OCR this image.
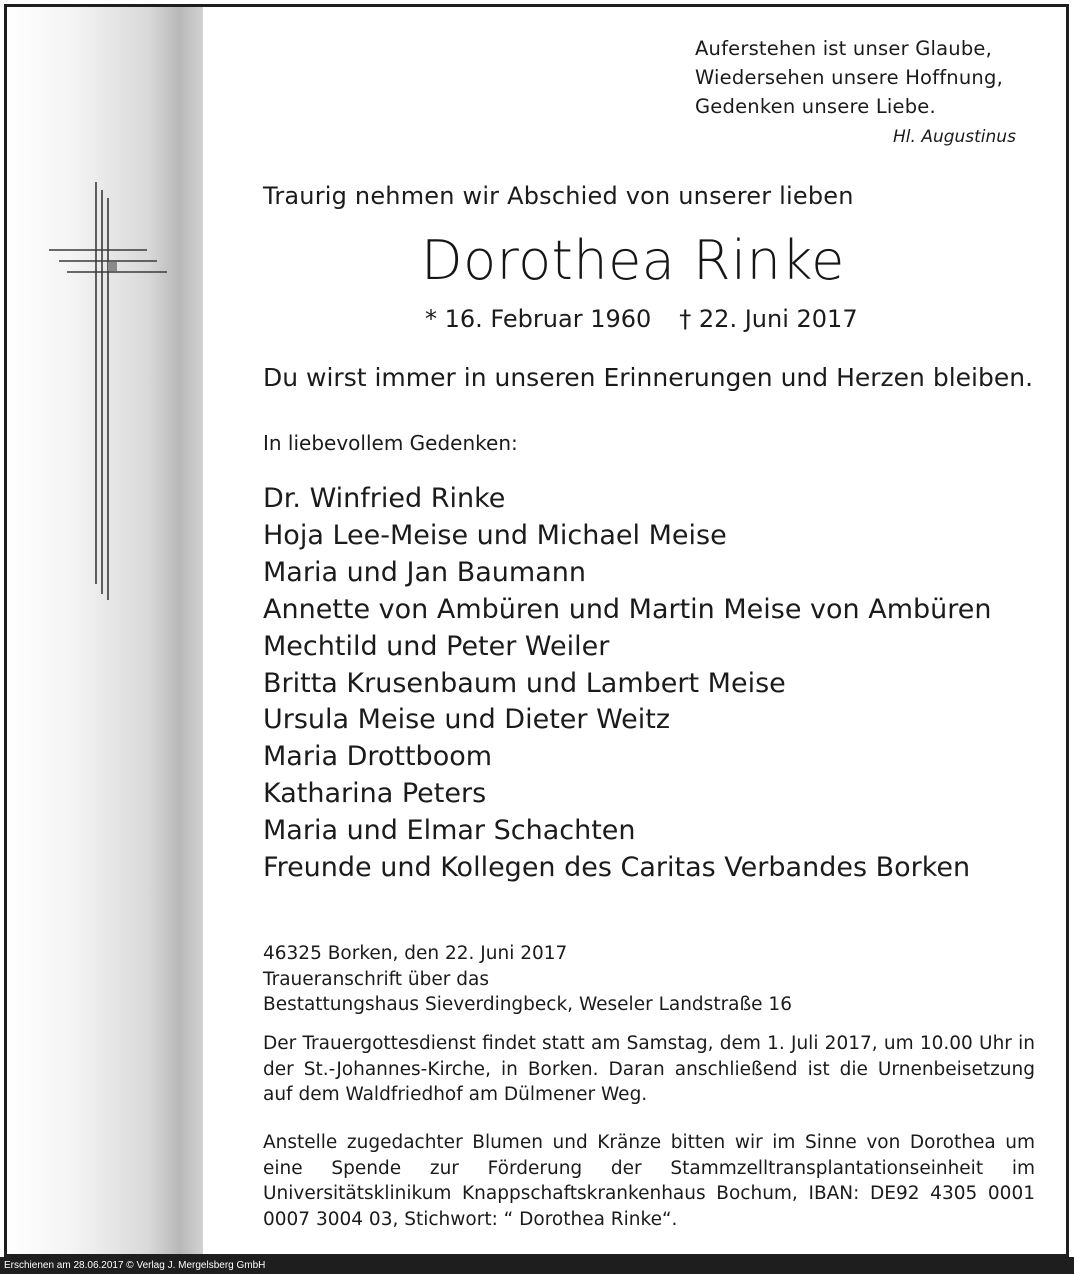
Auferstehen ist unser Glaube,
Wiedersehen unsere Hoffnung,
Gedenken unsere Liebe.
Hl. Augustinus
Traurig nehmen wir Abschied von unserer lieben
Dorothea Rinke
* 16. Februar 1960 † 22. Juni 2017
Du wirst immer in unseren Erinnerungen und Herzen bleiben.
In liebevollem Gedenken:
Dr. Winfried Rinke
Hoja Lee-Meise und Michael Meise
Maria und Jan Baumann
Annette von Ambüren und Martin Meise von Ambüren
Mechtild und Peter Weiler
Britta Krusenbaum und Lambert Meise
Ursula Meise und Dieter Weitz
Maria Drottboom
Katharina Peters
Maria und Elmar Schachten
Freunde und Kollegen des Caritas Verbandes Borken
46325 Borken, den 22. Juni 2017
Traueranschrift über das
Bestattungshaus Sieverdingbeck, Weseler Landstraße 16

Der Trauergottesdienst findet statt am Samstag, dem 1. Juli 2017, um 10.00 Uhr in der St.-Johannes-Kirche, in Borken. Daran anschließend ist die Urnenbeisetzung auf dem Waldfriedhof am Dülmener Weg.

Anstelle zugedachter Blumen und Kränze bitten wir im Sinne von Dorothea um eine Spende zur Förderung der Stammzelltransplantationseinheit im Universitätsklinikum Knappschaftskrankenhaus Bochum, IBAN: DE92 4305 0001 0007 3004 03, Stichwort: “ Dorothea Rinke“.

Erschienen am 28.06.2017 © Verlag J. Mergelsberg GmbH
